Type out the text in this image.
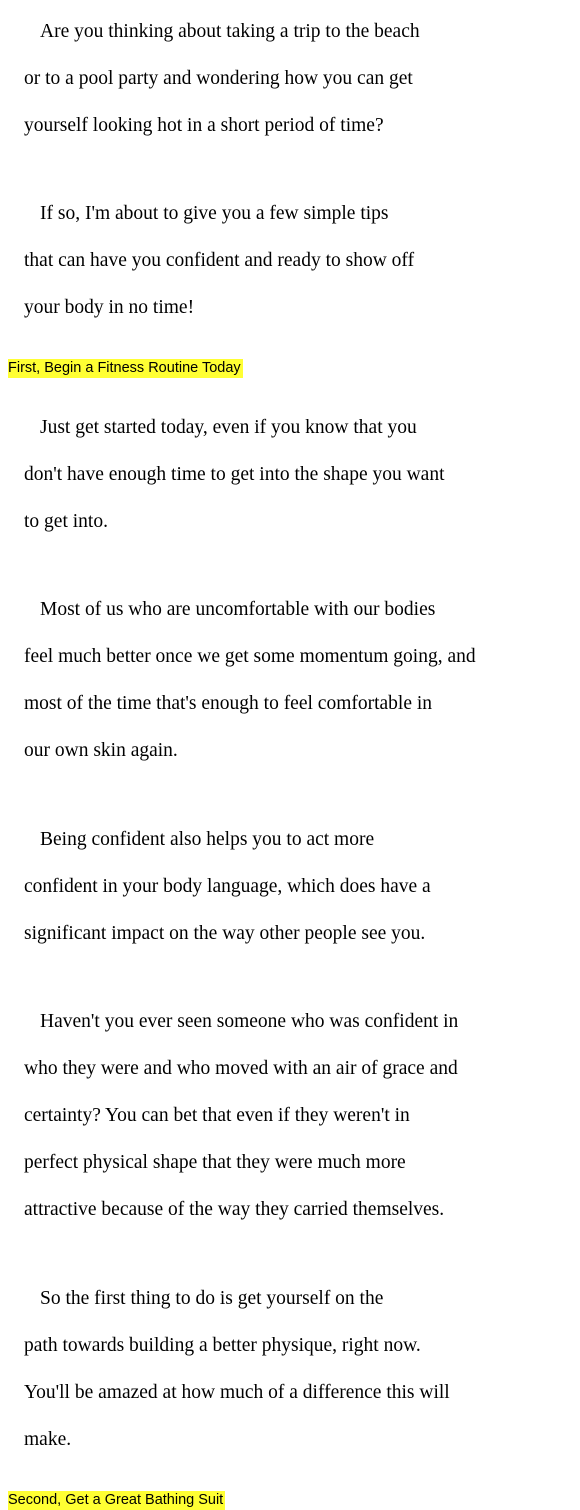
Are you thinking about taking a trip to the beach

or to a pool party and wondering how you can get

yourself looking hot in a short period of time?

If so, I'm about to give you a few simple tips

that can have you confident and ready to show off

your body in no time!

First, Begin a Fitness Routine Today

Just get started today, even if you know that you

don't have enough time to get into the shape you want

to get into.

Most of us who are uncomfortable with our bodies

feel much better once we get some momentum going, and

most of the time that's enough to feel comfortable in

our own skin again.

Being confident also helps you to act more

confident in your body language, which does have a

significant impact on the way other people see you.

Haven't you ever seen someone who was confident in

who they were and who moved with an air of grace and

certainty? You can bet that even if they weren't in

perfect physical shape that they were much more

attractive because of the way they carried themselves.

So the first thing to do is get yourself on the

path towards building a better physique, right now.

You'll be amazed at how much of a difference this will

make.

Second, Get a Great Bathing Suit
